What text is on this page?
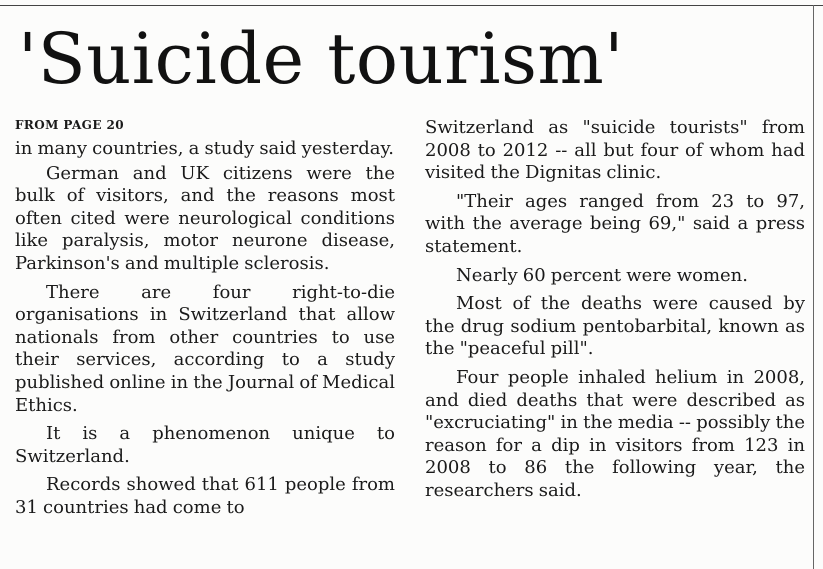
'Suicide tourism'

FROM PAGE 20

in many countries, a study said yesterday.

German and UK citizens were the bulk of visitors, and the reasons most often cited were neurological conditions like paralysis, motor neurone disease, Parkinson's and multiple sclerosis.

There are four right-to-die organisations in Switzerland that allow nationals from other countries to use their services, according to a study published online in the Journal of Medical Ethics.

It is a phenomenon unique to Switzerland.

Records showed that 611 people from 31 countries had come to

Switzerland as "suicide tourists" from 2008 to 2012 -- all but four of whom had visited the Dignitas clinic.

"Their ages ranged from 23 to 97, with the average being 69," said a press statement.

Nearly 60 percent were women.

Most of the deaths were caused by the drug sodium pentobarbital, known as the "peaceful pill".

Four people inhaled helium in 2008, and died deaths that were described as "excruciating" in the media -- possibly the reason for a dip in visitors from 123 in 2008 to 86 the following year, the researchers said.
